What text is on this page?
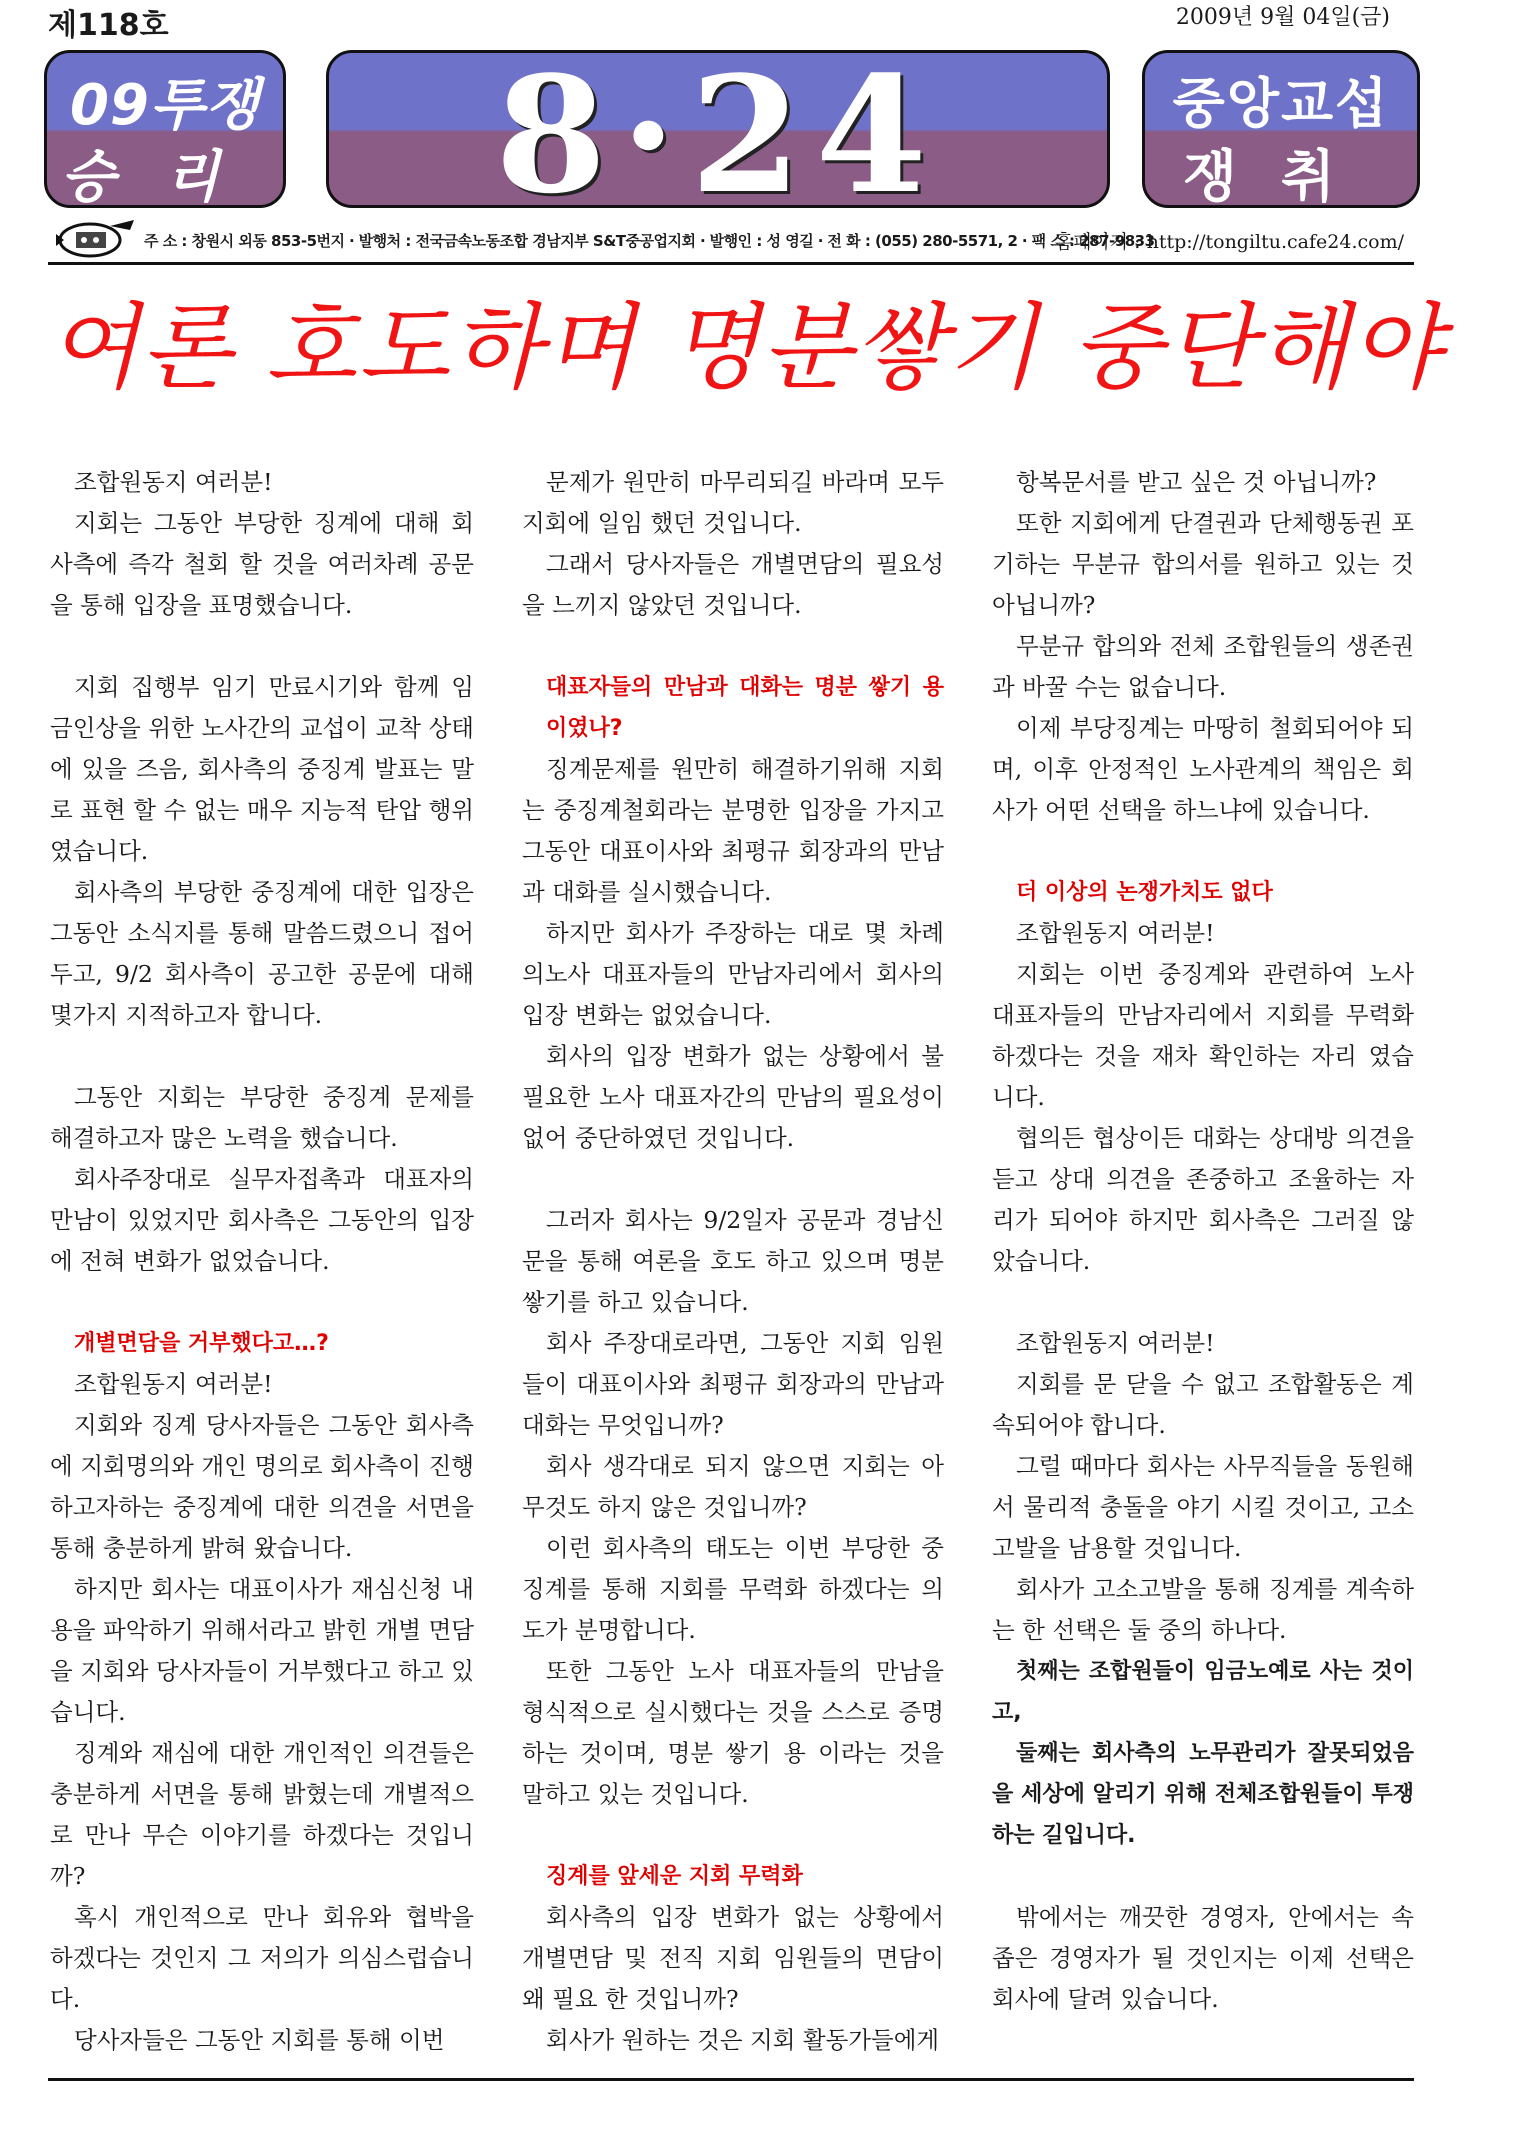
제118호	2009년 9월 04일(금)
09투쟁
승리	8·24	중앙교섭
쟁취
주 소 : 창원시 외동 853-5번지 ‧ 발행처 : 전국금속노동조합 경남지부 S&T중공업지회 ‧ 발행인 : 성 영길 ‧ 전 화 : (055) 280-5571, 2 ‧ 팩 스 : 287-9833
홈페이지 : http://tongiltu.cafe24.com/
여론 호도하며 명분쌓기 중단해야

조합원동지 여러분!

지회는 그동안 부당한 징계에 대해 회사측에 즉각 철회 할 것을 여러차례 공문을 통해 입장을 표명했습니다.

지회 집행부 임기 만료시기와 함께 임금인상을 위한 노사간의 교섭이 교착 상태에 있을 즈음, 회사측의 중징계 발표는 말로 표현 할 수 없는 매우 지능적 탄압 행위 였습니다.

회사측의 부당한 중징계에 대한 입장은 그동안 소식지를 통해 말씀드렸으니 접어두고, 9/2 회사측이 공고한 공문에 대해 몇가지 지적하고자 합니다.

그동안 지회는 부당한 중징계 문제를 해결하고자 많은 노력을 했습니다.

회사주장대로 실무자접촉과 대표자의 만남이 있었지만 회사측은 그동안의 입장에 전혀 변화가 없었습니다.

개별면담을 거부했다고…?

조합원동지 여러분!

지회와 징계 당사자들은 그동안 회사측에 지회명의와 개인 명의로 회사측이 진행하고자하는 중징계에 대한 의견을 서면을 통해 충분하게 밝혀 왔습니다.

하지만 회사는 대표이사가 재심신청 내용을 파악하기 위해서라고 밝힌 개별 면담을 지회와 당사자들이 거부했다고 하고 있습니다.

징계와 재심에 대한 개인적인 의견들은 충분하게 서면을 통해 밝혔는데 개별적으로 만나 무슨 이야기를 하겠다는 것입니까?

혹시 개인적으로 만나 회유와 협박을 하겠다는 것인지 그 저의가 의심스럽습니다.

당사자들은 그동안 지회를 통해 이번

문제가 원만히 마무리되길 바라며 모두 지회에 일임 했던 것입니다.

그래서 당사자들은 개별면담의 필요성을 느끼지 않았던 것입니다.

대표자들의 만남과 대화는 명분 쌓기 용 이였나?

징계문제를 원만히 해결하기위해 지회는 중징계철회라는 분명한 입장을 가지고 그동안 대표이사와 최평규 회장과의 만남과 대화를 실시했습니다.

하지만 회사가 주장하는 대로 몇 차례의노사 대표자들의 만남자리에서 회사의 입장 변화는 없었습니다.

회사의 입장 변화가 없는 상황에서 불필요한 노사 대표자간의 만남의 필요성이 없어 중단하였던 것입니다.

그러자 회사는 9/2일자 공문과 경남신문을 통해 여론을 호도 하고 있으며 명분쌓기를 하고 있습니다.

회사 주장대로라면, 그동안 지회 임원들이 대표이사와 최평규 회장과의 만남과 대화는 무엇입니까?

회사 생각대로 되지 않으면 지회는 아무것도 하지 않은 것입니까?

이런 회사측의 태도는 이번 부당한 중징계를 통해 지회를 무력화 하겠다는 의도가 분명합니다.

또한 그동안 노사 대표자들의 만남을 형식적으로 실시했다는 것을 스스로 증명하는 것이며, 명분 쌓기 용 이라는 것을 말하고 있는 것입니다.

징계를 앞세운 지회 무력화

회사측의 입장 변화가 없는 상황에서 개별면담 및 전직 지회 임원들의 면담이 왜 필요 한 것입니까?

회사가 원하는 것은 지회 활동가들에게

항복문서를 받고 싶은 것 아닙니까?

또한 지회에게 단결권과 단체행동권 포기하는 무분규 합의서를 원하고 있는 것 아닙니까?

무분규 합의와 전체 조합원들의 생존권과 바꿀 수는 없습니다.

이제 부당징계는 마땅히 철회되어야 되며, 이후 안정적인 노사관계의 책임은 회사가 어떤 선택을 하느냐에 있습니다.

더 이상의 논쟁가치도 없다

조합원동지 여러분!

지회는 이번 중징계와 관련하여 노사 대표자들의 만남자리에서 지회를 무력화 하겠다는 것을 재차 확인하는 자리 였습니다.

협의든 협상이든 대화는 상대방 의견을 듣고 상대 의견을 존중하고 조율하는 자리가 되어야 하지만 회사측은 그러질 않았습니다.

조합원동지 여러분!

지회를 문 닫을 수 없고 조합활동은 계속되어야 합니다.

그럴 때마다 회사는 사무직들을 동원해서 물리적 충돌을 야기 시킬 것이고, 고소고발을 남용할 것입니다.

회사가 고소고발을 통해 징계를 계속하는 한 선택은 둘 중의 하나다.

첫째는 조합원들이 임금노예로 사는 것이고,

둘째는 회사측의 노무관리가 잘못되었음을 세상에 알리기 위해 전체조합원들이 투쟁하는 길입니다.

밖에서는 깨끗한 경영자, 안에서는 속좁은 경영자가 될 것인지는 이제 선택은 회사에 달려 있습니다.
